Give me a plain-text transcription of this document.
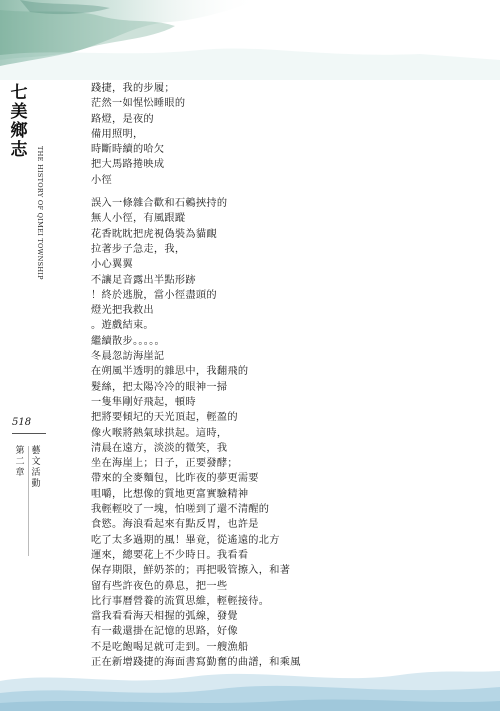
七
美
鄉
志	THE HISTORY OF QIMEI TOWNSHIP
518
第
二
章
藝
文
活
動
踐捷，我的步履；
茫然一如惺忪睡眼的
路燈，是夜的
備用照明，
時斷時續的哈欠
把大馬路捲映成
小徑
誤入一條雜合歡和石鶇挾持的
無人小徑，有風跟蹤
花香眈眈把虎視偽裝為貓靦
拉著步子急走，我，
小心翼翼
不讓足音露出半點形跡
！終於逃脫，當小徑盡頭的
燈光把我救出
。遊戲結束。
繼續散步。。。。。
冬晨忽訪海崖記
在朔風半透明的雜思中，我翻飛的
髮絲，把太陽冷冷的眼神一掃
一隻隼剛好飛起，頓時
把將要傾圮的天光頂起，輕盈的
像火喉將熱氣球拱起。這時，
清晨在遠方，淡淡的微笑，我
坐在海崖上；日子，正要發酵；
帶來的全麥麵包，比昨夜的夢更需要
咀嚼，比想像的質地更富實驗精神
我輕輕咬了一塊，怕嗟到了還不清醒的
食慾。海浪看起來有點反胃，也許是
吃了太多過期的風！畢竟，從遙遠的北方
運來，總要花上不少時日。我看看
保存期限，鮮奶茶的；再把吸管擦入，和著
留有些許夜色的鼻息，把一些
比行事曆營養的流質思維，輕輕接待。
當我看看海天相握的弧線，發覺
有一截還掛在記憶的思路，好像
不是吃飽喝足就可走到。一艘漁船
正在新增踐捷的海面書寫勤奮的曲譜，和乘風
